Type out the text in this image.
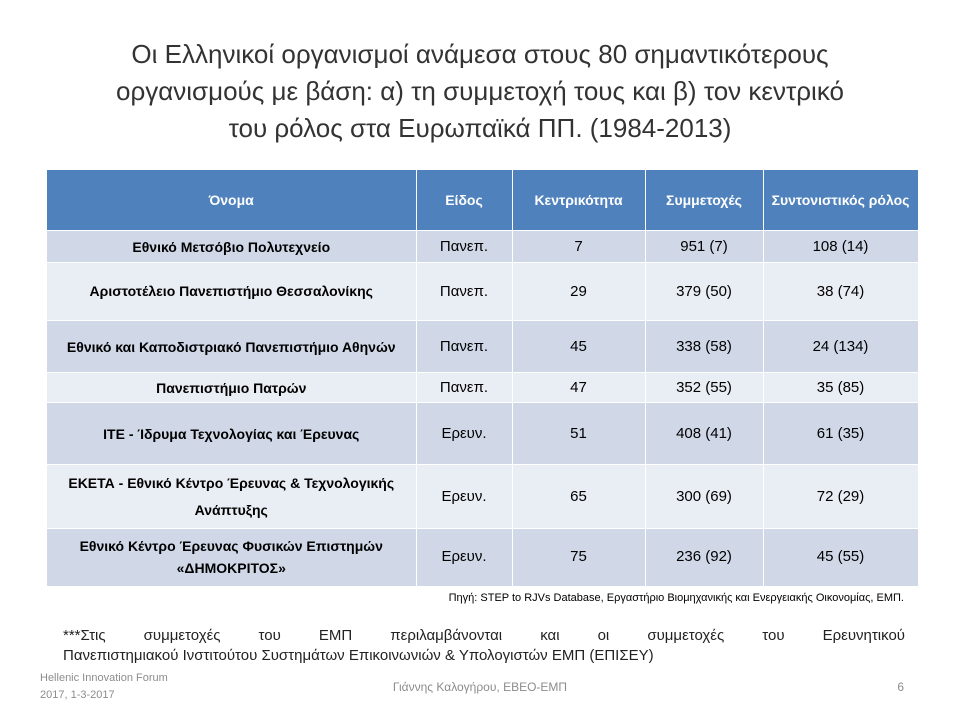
Οι Ελληνικοί οργανισμοί ανάμεσα στους 80 σημαντικότερους
οργανισμούς με βάση: α) τη συμμετοχή τους και β) τον κεντρικό
του ρόλος στα Ευρωπαϊκά ΠΠ. (1984-2013)
Όνομα	Είδος	Κεντρικότητα	Συμμετοχές	Συντονιστικός ρόλος
Εθνικό Μετσόβιο Πολυτεχνείο	Πανεπ.	7	951 (7)	108 (14)
Αριστοτέλειο Πανεπιστήμιο Θεσσαλονίκης	Πανεπ.	29	379 (50)	38 (74)
Εθνικό και Καποδιστριακό Πανεπιστήμιο Αθηνών	Πανεπ.	45	338 (58)	24 (134)
Πανεπιστήμιο Πατρών	Πανεπ.	47	352 (55)	35 (85)
ΙΤΕ - Ίδρυμα Τεχνολογίας και Έρευνας	Ερευν.	51	408 (41)	61 (35)
ΕΚΕΤΑ - Εθνικό Κέντρο Έρευνας & Τεχνολογικής Ανάπτυξης	Ερευν.	65	300 (69)	72 (29)
Εθνικό Κέντρο Έρευνας Φυσικών Επιστημών «ΔΗΜΟΚΡΙΤΟΣ»	Ερευν.	75	236 (92)	45 (55)
Πηγή: STEP to RJVs Database, Εργαστήριο Βιομηχανικής και Ενεργειακής Οικονομίας, ΕΜΠ.
***Στις συμμετοχές του ΕΜΠ περιλαμβάνονται και οι συμμετοχές του Ερευνητικού
Πανεπιστημιακού Ινστιτούτου Συστημάτων Επικοινωνιών & Υπολογιστών ΕΜΠ (ΕΠΙΣΕΥ)
Hellenic Innovation Forum
2017, 1-3-2017
Γιάννης Καλογήρου, ΕΒΕΟ-ΕΜΠ	6
